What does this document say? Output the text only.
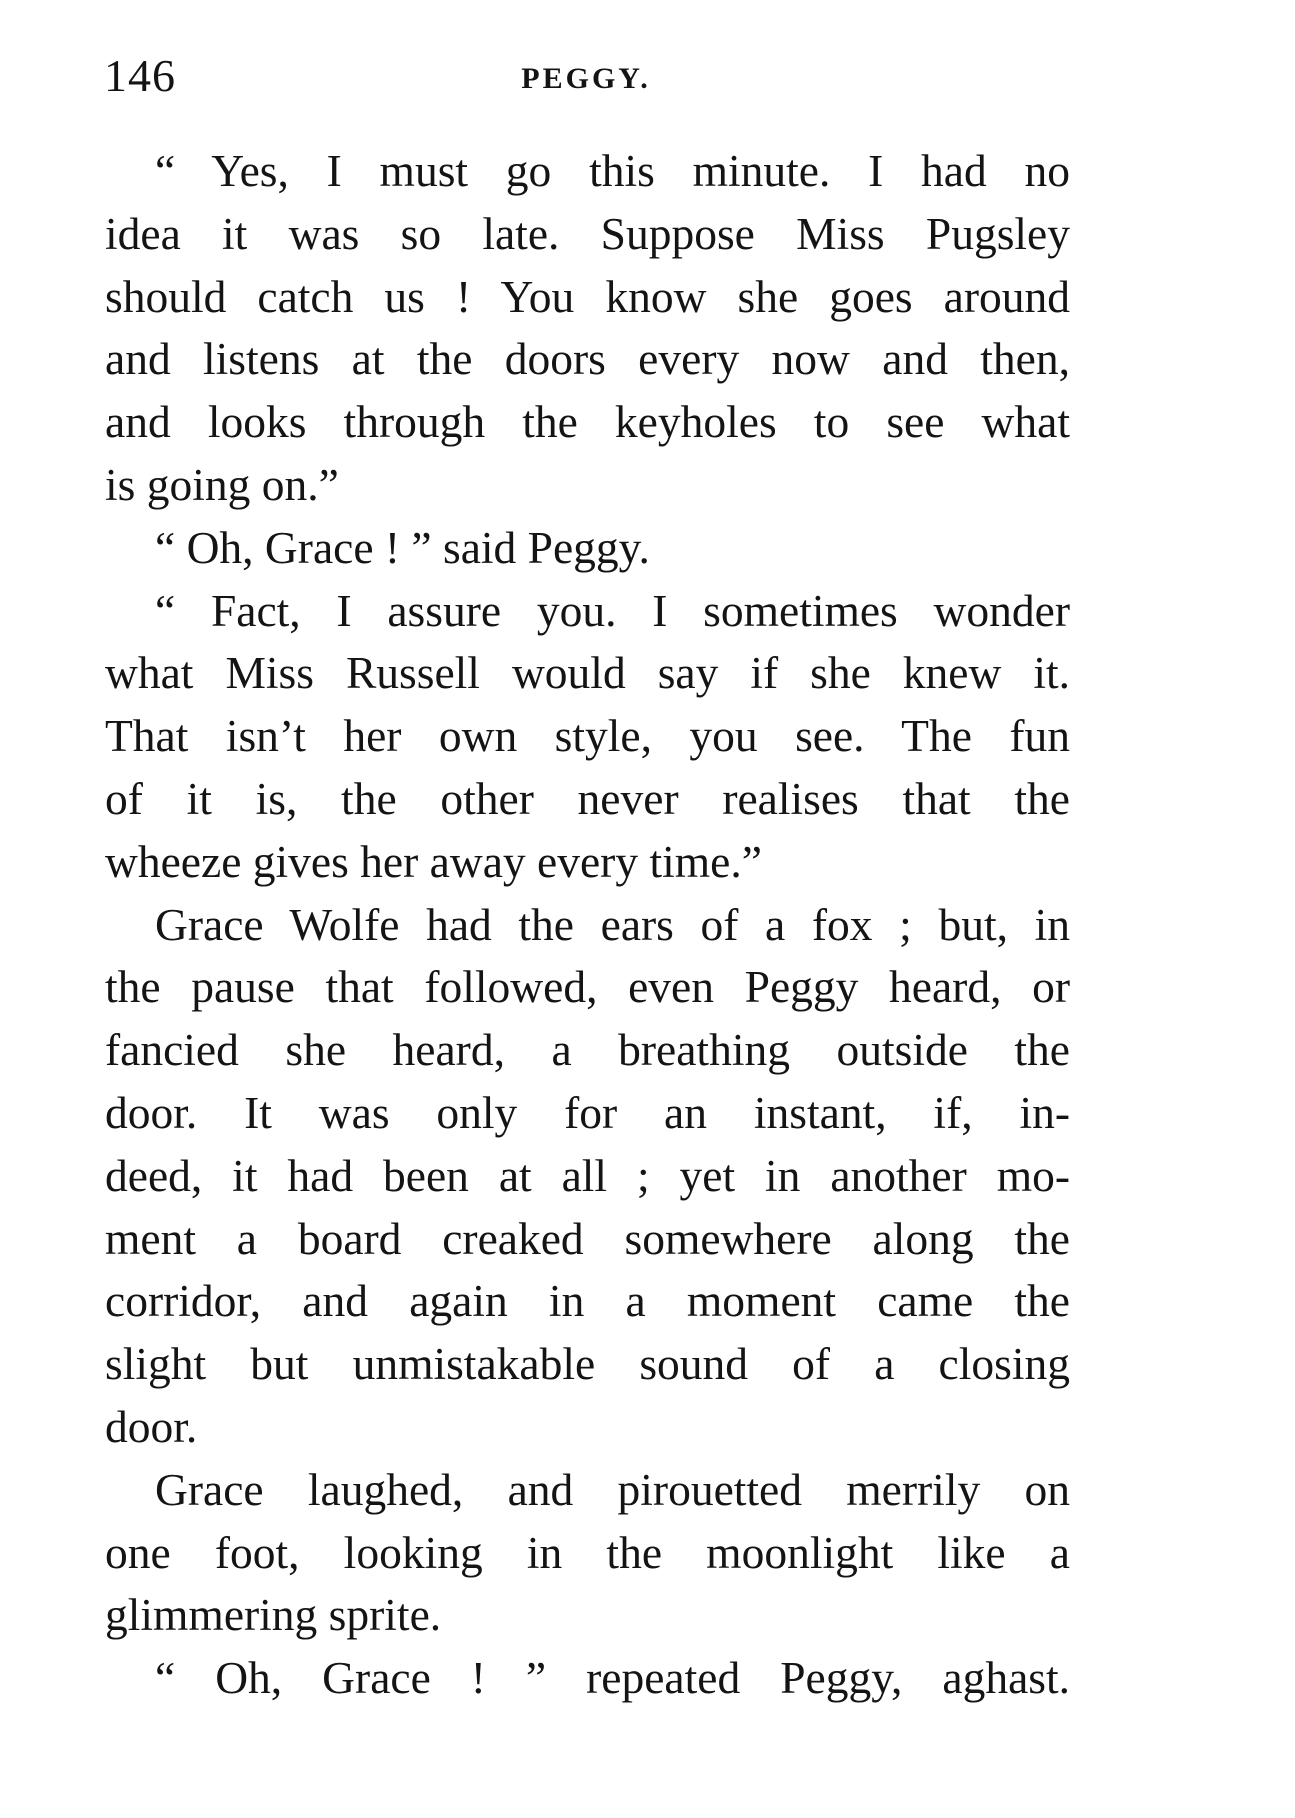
146	PEGGY.
“ Yes, I must go this minute. I had no
idea it was so late. Suppose Miss Pugsley
should catch us ! You know she goes around
and listens at the doors every now and then,
and looks through the keyholes to see what
is going on.”
“ Oh, Grace ! ” said Peggy.
“ Fact, I assure you. I sometimes wonder
what Miss Russell would say if she knew it.
That isn’t her own style, you see. The fun
of it is, the other never realises that the
wheeze gives her away every time.”
Grace Wolfe had the ears of a fox ; but, in
the pause that followed, even Peggy heard, or
fancied she heard, a breathing outside the
door. It was only for an instant, if, in-
deed, it had been at all ; yet in another mo-
ment a board creaked somewhere along the
corridor, and again in a moment came the
slight but unmistakable sound of a closing
door.
Grace laughed, and pirouetted merrily on
one foot, looking in the moonlight like a
glimmering sprite.
“ Oh, Grace ! ” repeated Peggy, aghast.
